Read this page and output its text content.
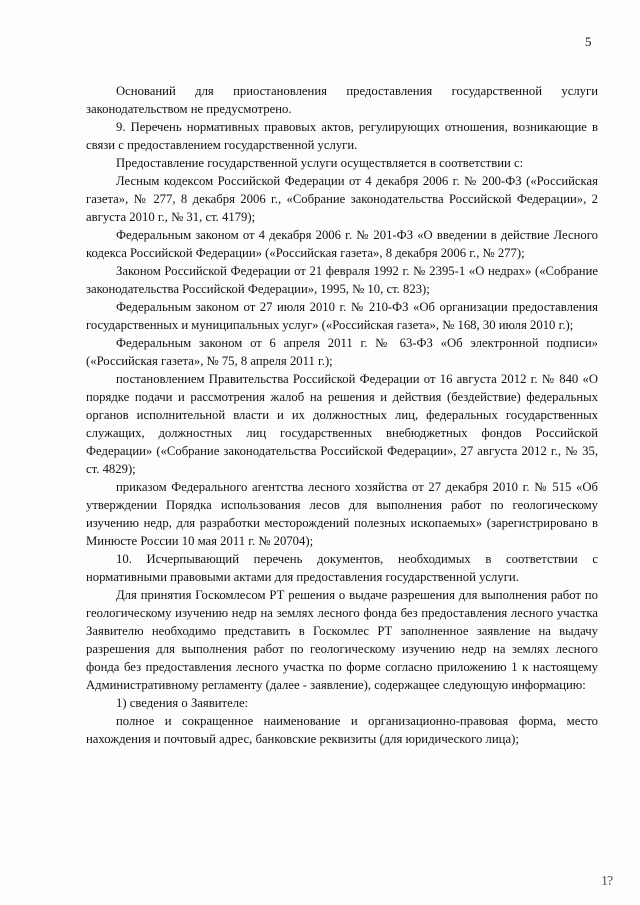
5

Оснований для приостановления предоставления государственной услуги законодательством не предусмотрено.

9. Перечень нормативных правовых актов, регулирующих отношения, возникающие в связи с предоставлением государственной услуги.

Предоставление государственной услуги осуществляется в соответствии с:

Лесным кодексом Российской Федерации от 4 декабря 2006 г. № 200-ФЗ («Российская газета», № 277, 8 декабря 2006 г., «Собрание законодательства Российской Федерации», 2 августа 2010 г., № 31, ст. 4179);

Федеральным законом от 4 декабря 2006 г. № 201-ФЗ «О введении в действие Лесного кодекса Российской Федерации» («Российская газета», 8 декабря 2006 г., № 277);

Законом Российской Федерации от 21 февраля 1992 г. № 2395-1 «О недрах» («Собрание законодательства Российской Федерации», 1995, № 10, ст. 823);

Федеральным законом от 27 июля 2010 г. № 210-ФЗ «Об организации предоставления государственных и муниципальных услуг» («Российская газета», № 168, 30 июля 2010 г.);

Федеральным законом от 6 апреля 2011 г. № 63-ФЗ «Об электронной подписи» («Российская газета», № 75, 8 апреля 2011 г.);

постановлением Правительства Российской Федерации от 16 августа 2012 г. № 840 «О порядке подачи и рассмотрения жалоб на решения и действия (бездействие) федеральных органов исполнительной власти и их должностных лиц, федеральных государственных служащих, должностных лиц государственных внебюджетных фондов Российской Федерации» («Собрание законодательства Российской Федерации», 27 августа 2012 г., № 35, ст. 4829);

приказом Федерального агентства лесного хозяйства от 27 декабря 2010 г. № 515 «Об утверждении Порядка использования лесов для выполнения работ по геологическому изучению недр, для разработки месторождений полезных ископаемых» (зарегистрировано в Минюсте России 10 мая 2011 г. № 20704);

10. Исчерпывающий перечень документов, необходимых в соответствии с нормативными правовыми актами для предоставления государственной услуги.

Для принятия Госкомлесом РТ решения о выдаче разрешения для выполнения работ по геологическому изучению недр на землях лесного фонда без предоставления лесного участка Заявителю необходимо представить в Госкомлес РТ заполненное заявление на выдачу разрешения для выполнения работ по геологическому изучению недр на землях лесного фонда без предоставления лесного участка по форме согласно приложению 1 к настоящему Административному регламенту (далее - заявление), содержащее следующую информацию:

1) сведения о Заявителе:

полное и сокращенное наименование и организационно-правовая форма, место нахождения и почтовый адрес, банковские реквизиты (для юридического лица);

1?
